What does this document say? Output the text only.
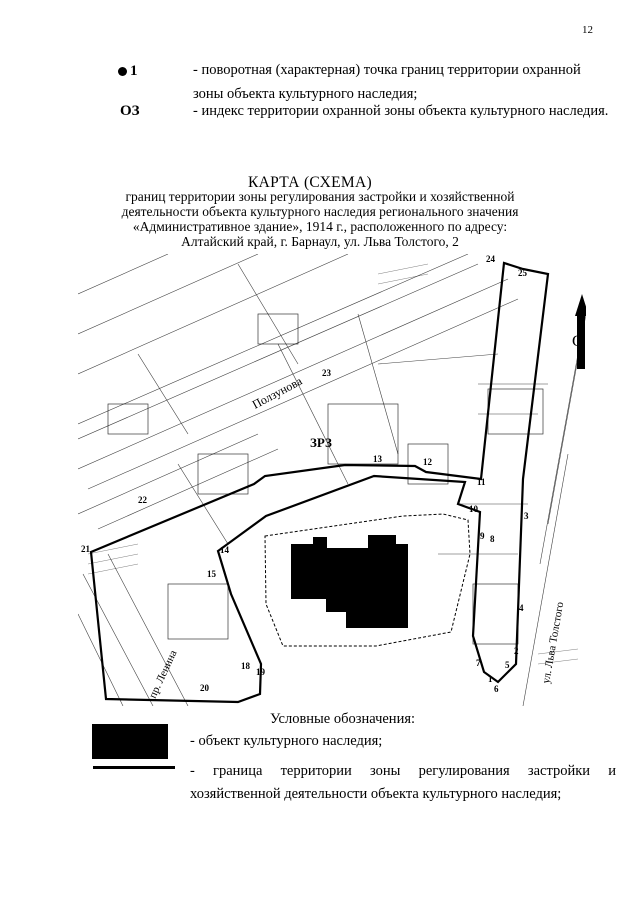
12
1	- поворотная (характерная) точка границ территории охранной зоны объекта культурного наследия;
ОЗ	- индекс территории охранной зоны объекта культурного наследия.
КАРТА (СХЕМА)
границ территории зоны регулирования застройки и хозяйственной
деятельности объекта культурного наследия регионального значения
«Административное здание», 1914 г., расположенного по адресу:
Алтайский край, г. Барнаул, ул. Льва Толстого, 2
С
Ползунова
ул. Льва Толстого
пр. Ленина
ЗРЗ
1
2
3
4
5
6
7
8
9
10
11
12
13
14
15
18
19
20
21
22
23
24
25
Условные обозначения:
- объект культурного наследия;
- граница территории зоны регулирования застройки и хозяйственной деятельности объекта культурного наследия;
